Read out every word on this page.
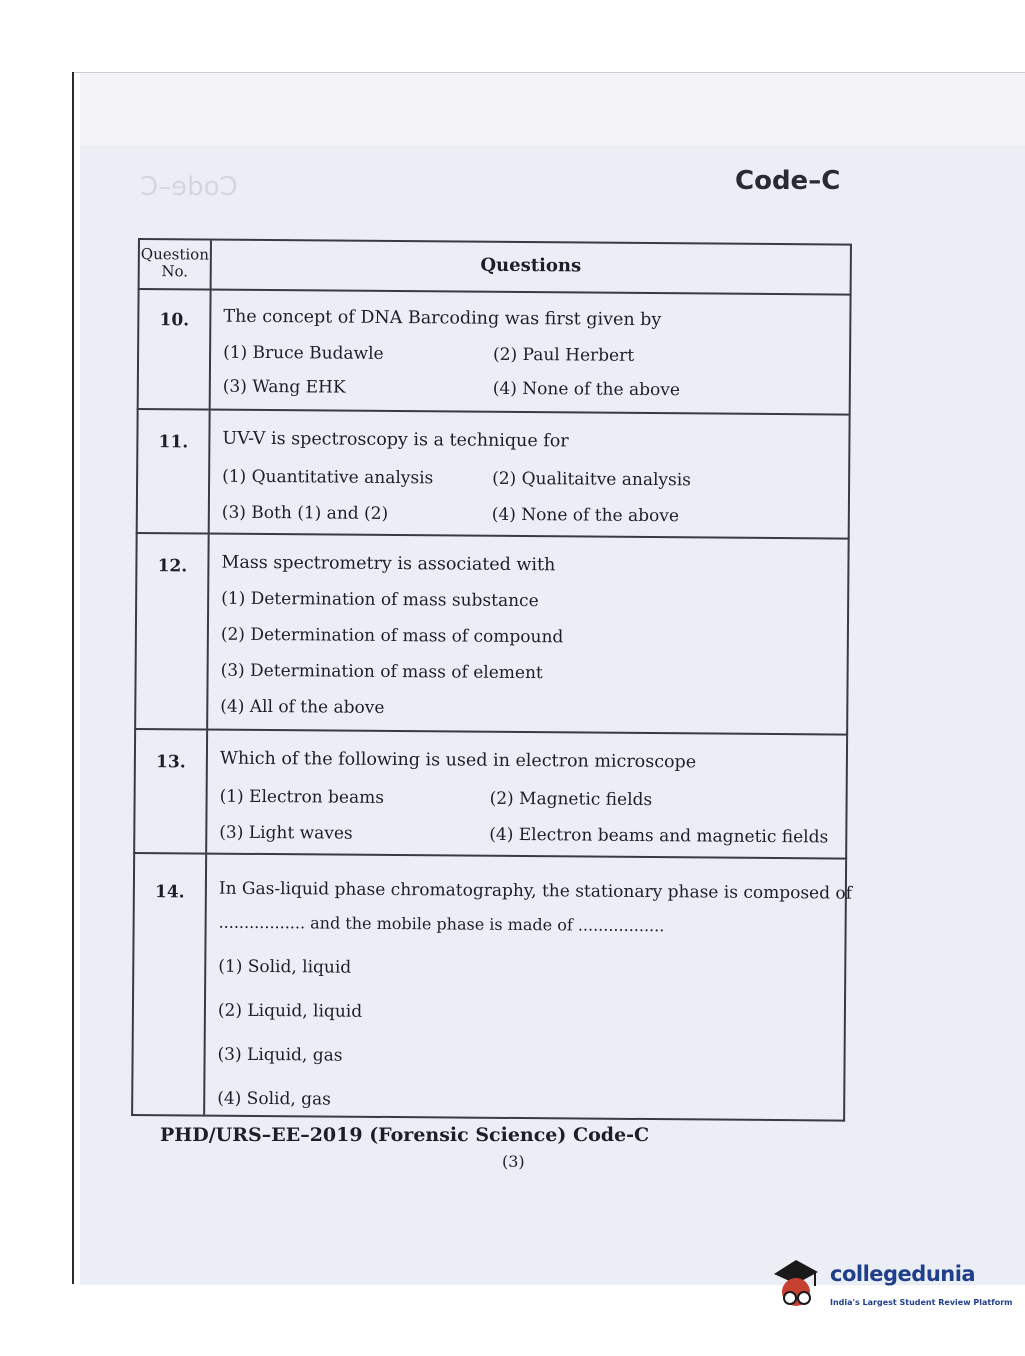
Code–C	Code–C
Question No.	Questions
10.	The concept of DNA Barcoding was first given by
(1) Bruce Budawle	(2) Paul Herbert
(3) Wang EHK	(4) None of the above
11.	UV-V is spectroscopy is a technique for
(1) Quantitative analysis	(2) Qualitaitve analysis
(3) Both (1) and (2)	(4) None of the above
12.	Mass spectrometry is associated with
(1) Determination of mass substance
(2) Determination of mass of compound
(3) Determination of mass of element
(4) All of the above
13.	Which of the following is used in electron microscope
(1) Electron beams	(2) Magnetic fields
(3) Light waves	(4) Electron beams and magnetic fields
14.	In Gas-liquid phase chromatography, the stationary phase is composed of
................. and the mobile phase is made of .................
(1) Solid, liquid
(2) Liquid, liquid
(3) Liquid, gas
(4) Solid, gas
PHD/URS–EE–2019 (Forensic Science) Code-C
(3)
collegedunia
India's Largest Student Review Platform
